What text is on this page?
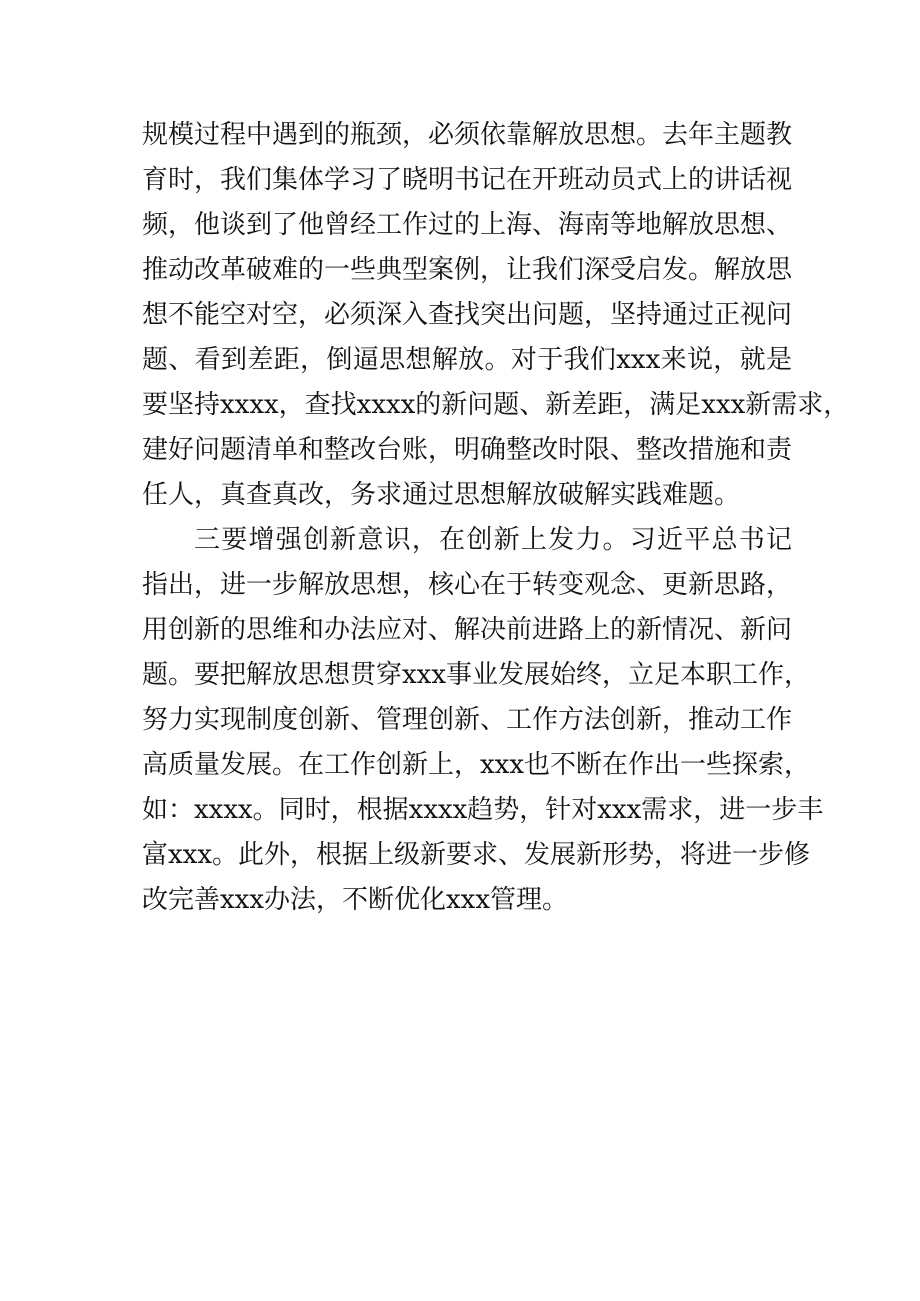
规模过程中遇到的瓶颈，必须依靠解放思想。去年主题教
育时，我们集体学习了晓明书记在开班动员式上的讲话视
频，他谈到了他曾经工作过的上海、海南等地解放思想、
推动改革破难的一些典型案例，让我们深受启发。解放思
想不能空对空，必须深入查找突出问题，坚持通过正视问
题、看到差距，倒逼思想解放。对于我们xxx来说，就是
要坚持xxxx，查找xxxx的新问题、新差距，满足xxx新需求，
建好问题清单和整改台账，明确整改时限、整改措施和责
任人，真查真改，务求通过思想解放破解实践难题。
三要增强创新意识，在创新上发力。习近平总书记
指出，进一步解放思想，核心在于转变观念、更新思路，
用创新的思维和办法应对、解决前进路上的新情况、新问
题。要把解放思想贯穿xxx事业发展始终，立足本职工作，
努力实现制度创新、管理创新、工作方法创新，推动工作
高质量发展。在工作创新上，xxx也不断在作出一些探索，
如：xxxx。同时，根据xxxx趋势，针对xxx需求，进一步丰
富xxx。此外，根据上级新要求、发展新形势，将进一步修
改完善xxx办法，不断优化xxx管理。
